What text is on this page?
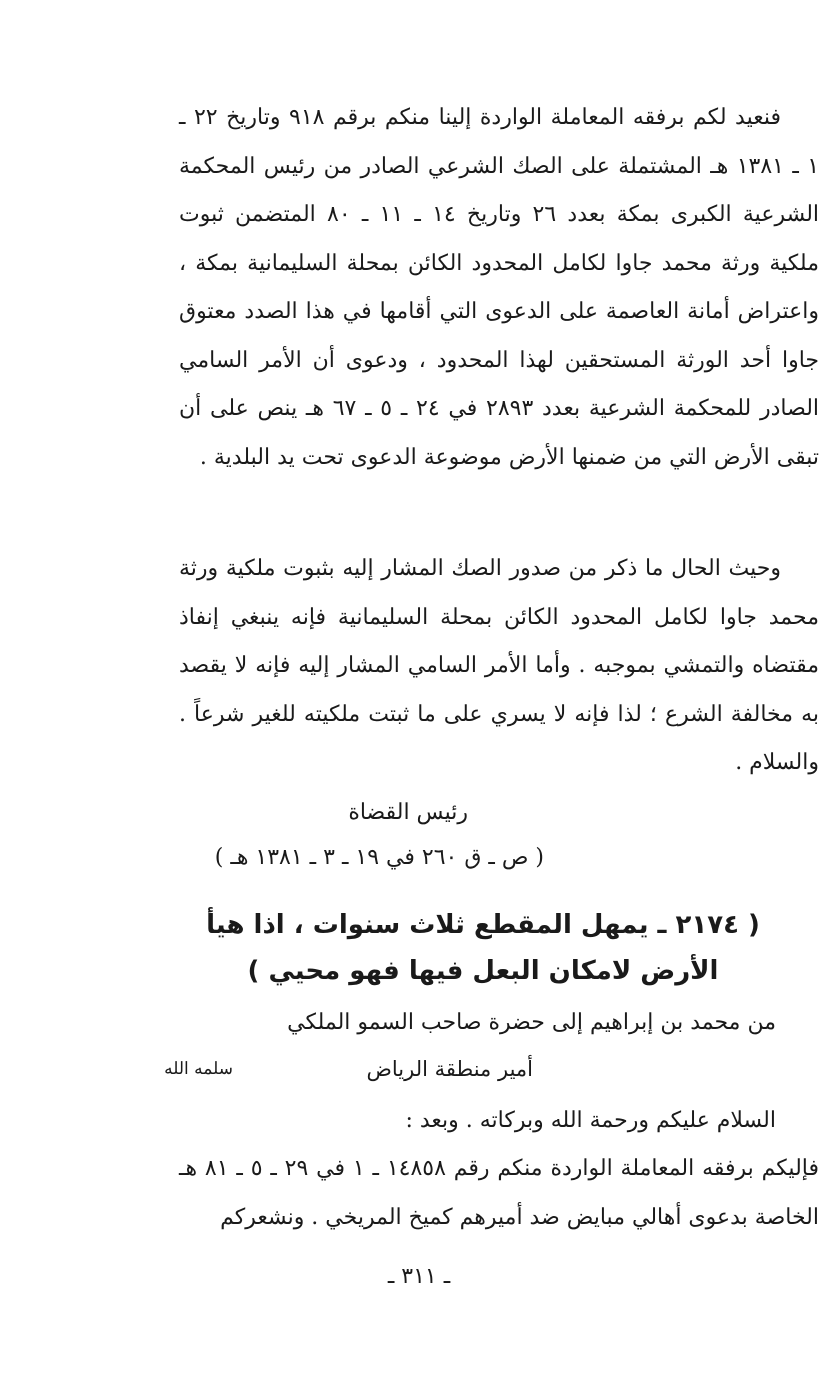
فنعيد لكم برفقه المعاملة الواردة إلينا منكم برقم ٩١٨ وتاريخ ٢٢ ـ ١ ـ ١٣٨١ هـ المشتملة على الصك الشرعي الصادر من رئيس المحكمة الشرعية الكبرى بمكة بعدد ٢٦ وتاريخ ١٤ ـ ١١ ـ ٨٠ المتضمن ثبوت ملكية ورثة محمد جاوا لكامل المحدود الكائن بمحلة السليمانية بمكة ، واعتراض أمانة العاصمة على الدعوى التي أقامها في هذا الصدد معتوق جاوا أحد الورثة المستحقين لهذا المحدود ، ودعوى أن الأمر السامي الصادر للمحكمة الشرعية بعدد ٢٨٩٣ في ٢٤ ـ ٥ ـ ٦٧ هـ ينص على أن تبقى الأرض التي من ضمنها الأرض موضوعة الدعوى تحت يد البلدية .

وحيث الحال ما ذكر من صدور الصك المشار إليه بثبوت ملكية ورثة محمد جاوا لكامل المحدود الكائن بمحلة السليمانية فإنه ينبغي إنفاذ مقتضاه والتمشي بموجبه . وأما الأمر السامي المشار إليه فإنه لا يقصد به مخالفة الشرع ؛ لذا فإنه لا يسري على ما ثبتت ملكيته للغير شرعاً . والسلام .

رئيس القضاة
( ص ـ ق ٢٦٠ في ١٩ ـ ٣ ـ ١٣٨١ هـ )
( ٢١٧٤ ـ يمهل المقطع ثلاث سنوات ، اذا هيأ الأرض لامكان البعل فيها فهو محيي )
من محمد بن إبراهيم إلى حضرة صاحب السمو الملكي
أمير منطقة الرياض
سلمه الله
السلام عليكم ورحمة الله وبركاته . وبعد :

فإليكم برفقه المعاملة الواردة منكم رقم ١٤٨٥٨ ـ ١ في ٢٩ ـ ٥ ـ ٨١ هـ الخاصة بدعوى أهالي مبايض ضد أميرهم كميخ المريخي . ونشعركم

ـ ٣١١ ـ
